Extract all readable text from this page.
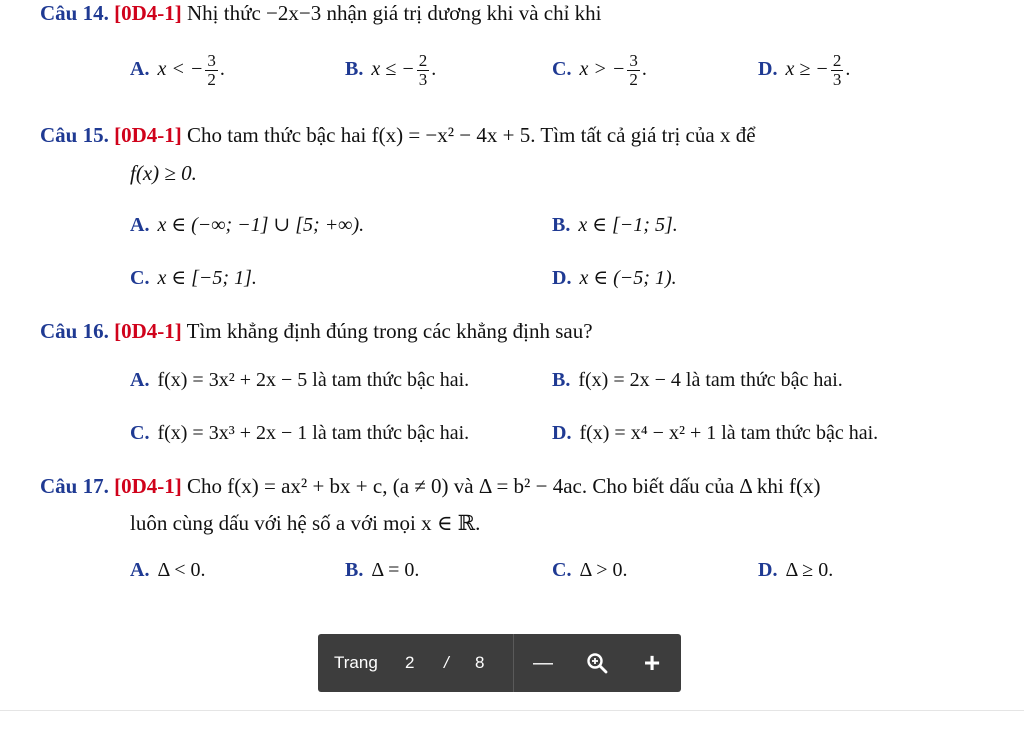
Câu 14. [0D4-1] Nhị thức −2x−3 nhận giá trị dương khi và chỉ khi
A. x < − $\frac{3}{2}$ .	B. x ≤ − $\frac{2}{3}$ .	C. x > − $\frac{3}{2}$ .	D. x ≥ − $\frac{2}{3}$ .
Câu 15. [0D4-1] Cho tam thức bậc hai f(x) = −x² − 4x + 5. Tìm tất cả giá trị của x để
f(x) ≥ 0.
A. x ∈ (−∞; −1] ∪ [5; +∞).	B. x ∈ [−1; 5].
C. x ∈ [−5; 1].	D. x ∈ (−5; 1).
Câu 16. [0D4-1] Tìm khẳng định đúng trong các khẳng định sau?
A. f(x) = 3x² + 2x − 5 là tam thức bậc hai.	B. f(x) = 2x − 4 là tam thức bậc hai.
C. f(x) = 3x³ + 2x − 1 là tam thức bậc hai.	D. f(x) = x⁴ − x² + 1 là tam thức bậc hai.
Câu 17. [0D4-1] Cho f(x) = ax² + bx + c, (a ≠ 0) và Δ = b² − 4ac. Cho biết dấu của Δ khi f(x)
luôn cùng dấu với hệ số a với mọi x ∈ ℝ.
A. Δ < 0.	B. Δ = 0.	C. Δ > 0.	D. Δ ≥ 0.
Trang 2 / 8 —	+
